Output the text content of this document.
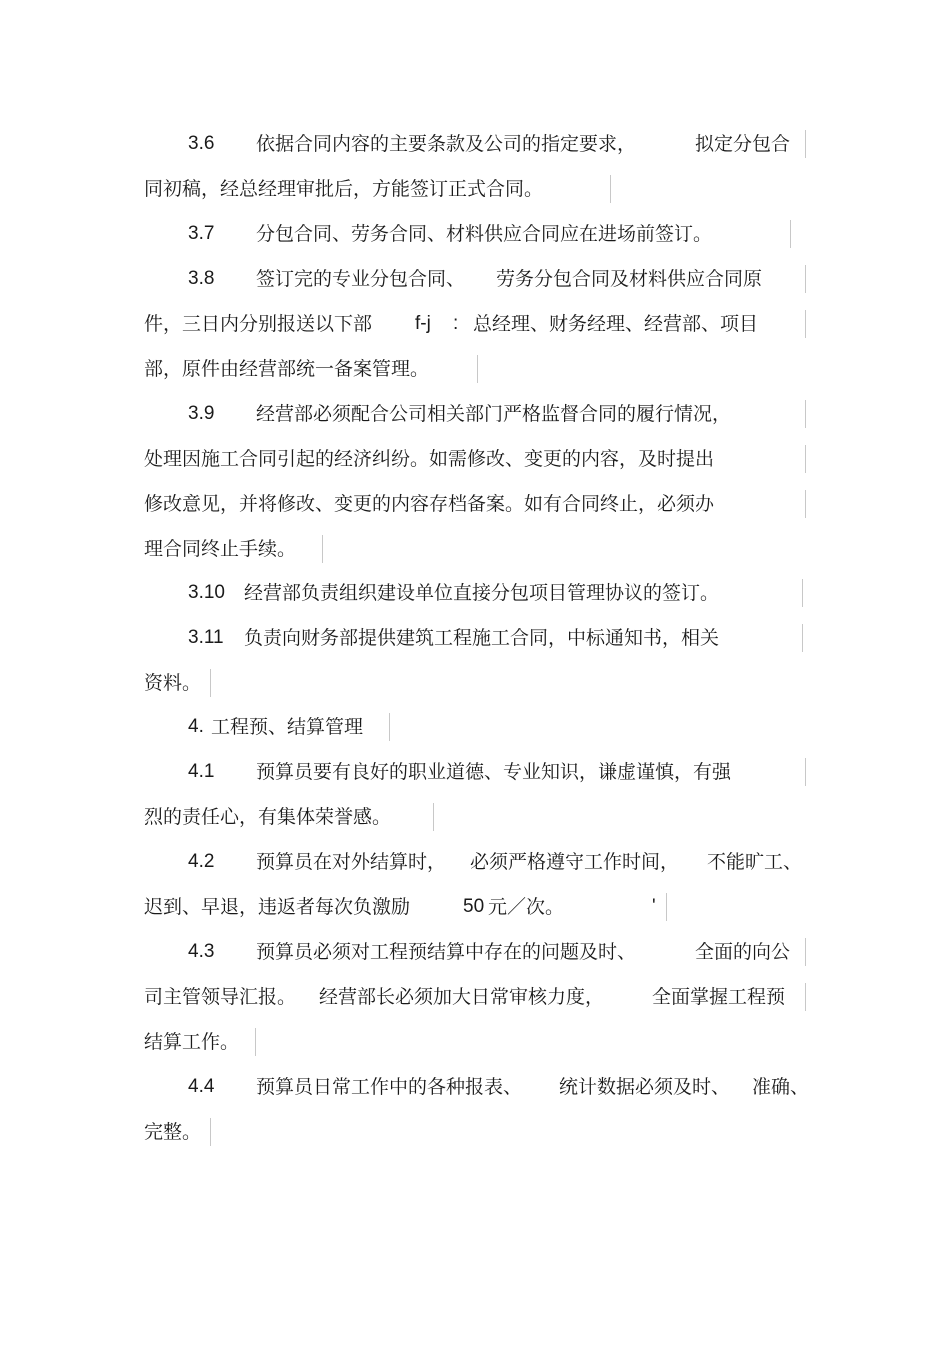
3.6 依据合同内容的主要条款及公司的指定要求，	拟定分包合
同初稿，经总经理审批后，方能签订正式合同。
3.7 分包合同、劳务合同、材料供应合同应在进场前签订。
3.8 签订完的专业分包合同、 劳务分包合同及材料供应合同原
件，三日内分别报送以下部 f-j : 总经理、财务经理、经营部、项目
部，原件由经营部统一备案管理。
3.9 经营部必须配合公司相关部门严格监督合同的履行情况，
处理因施工合同引起的经济纠纷。如需修改、变更的内容，及时提出
修改意见，并将修改、变更的内容存档备案。如有合同终止，必须办
理合同终止手续。
3.10 经营部负责组织建设单位直接分包项目管理协议的签订。
3.11 负责向财务部提供建筑工程施工合同，中标通知书，相关
资料。
4. 工程预、结算管理
4.1 预算员要有良好的职业道德、专业知识，谦虚谨慎，有强
烈的责任心，有集体荣誉感。
4.2 预算员在对外结算时， 必须严格遵守工作时间， 不能旷工、
迟到、早退，违返者每次负激励	50 元／次。	'
4.3 预算员必须对工程预结算中存在的问题及时、	全面的向公
司主管领导汇报。 经营部长必须加大日常审核力度，	全面掌握工程预
结算工作。
4.4 预算员日常工作中的各种报表、 统计数据必须及时、 准确、
完整。
